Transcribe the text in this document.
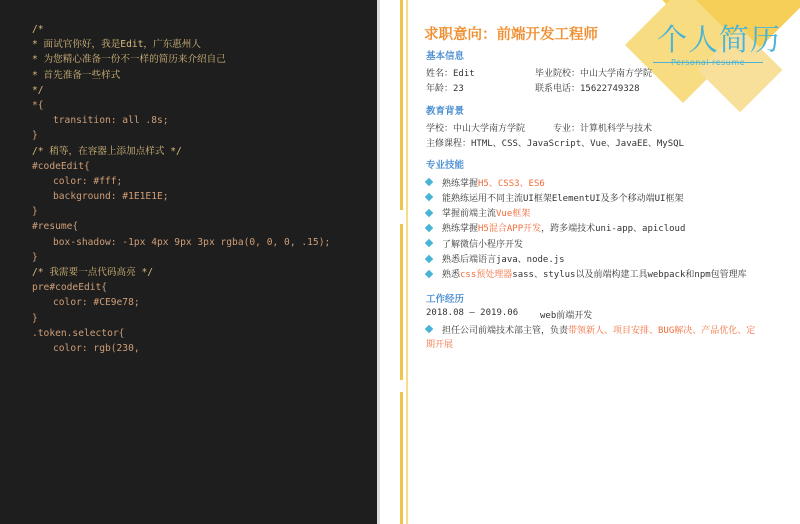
/*
* 面试官你好，我是Edit，广东惠州人
* 为您精心准备一份不一样的简历来介绍自己
* 首先准备一些样式
*/
*{
transition: all .8s;
}
/* 稍等，在容器上添加点样式 */
#codeEdit{
color: #fff;
background: #1E1E1E;
}
#resume{
box-shadow: -1px 4px 9px 3px rgba(0, 0, 0, .15);
}
/* 我需要一点代码高亮 */
pre#codeEdit{
color: #CE9e78;
}
.token.selector{
color: rgb(230,
个人简历
Personal resume
求职意向：前端开发工程师
基本信息
姓名：Edit	毕业院校：中山大学南方学院
年龄：23	联系电话：15622749328
教育背景
学校：中山大学南方学院	专业：计算机科学与技术
主修课程：HTML、CSS、JavaScript、Vue、JavaEE、MySQL
专业技能
熟练掌握H5、CSS3、ES6
能熟练运用不同主流UI框架ElementUI及多个移动端UI框架
掌握前端主流Vue框架
熟练掌握H5混合APP开发，跨多端技术uni-app、apicloud
了解微信小程序开发
熟悉后端语言java、node.js
熟悉css预处理器sass、stylus以及前端构建工具webpack和npm包管理库
工作经历
2018.08 — 2019.06 web前端开发
担任公司前端技术部主管，负责带领新人、项目安排、BUG解决、产品优化、定
期开展
